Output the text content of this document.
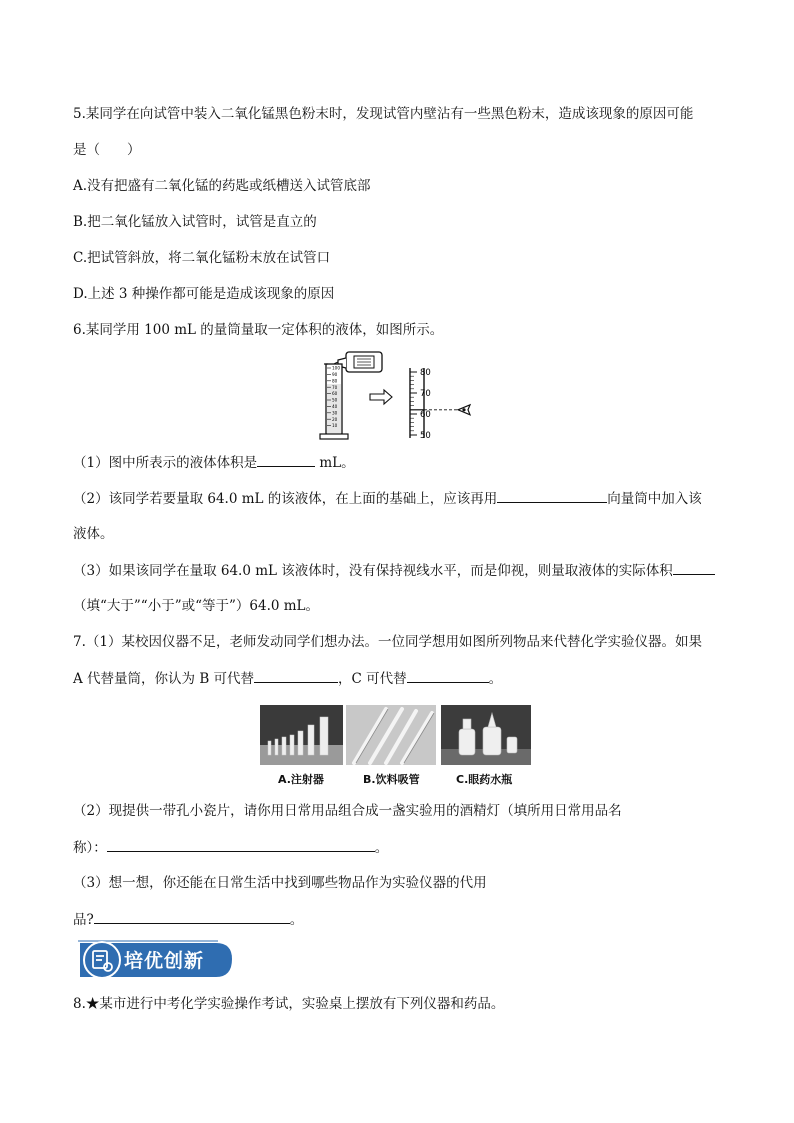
5.某同学在向试管中装入二氧化锰黑色粉末时，发现试管内壁沾有一些黑色粉末，造成该现象的原因可能
是（　　）
A.没有把盛有二氧化锰的药匙或纸槽送入试管底部
B.把二氧化锰放入试管时，试管是直立的
C.把试管斜放，将二氧化锰粉末放在试管口
D.上述 3 种操作都可能是造成该现象的原因
6.某同学用 100 mL 的量筒量取一定体积的液体，如图所示。
100
90
80
70
60
50
40
30
20
10
80
70
60
50
（1）图中所表示的液体体积是	mL。
（2）该同学若要量取 64.0 mL 的该液体，在上面的基础上，应该再用	向量筒中加入该
液体。
（3）如果该同学在量取 64.0 mL 该液体时，没有保持视线水平，而是仰视，则量取液体的实际体积
（填“大于”“小于”或“等于”）64.0 mL。
7.（1）某校因仪器不足，老师发动同学们想办法。一位同学想用如图所列物品来代替化学实验仪器。如果
A 代替量筒，你认为 B 可代替	，C 可代替	。
A.注射器	B.饮料吸管	C.眼药水瓶
（2）现提供一带孔小瓷片，请你用日常用品组合成一盏实验用的酒精灯（填所用日常用品名
称）：	。
（3）想一想，你还能在日常生活中找到哪些物品作为实验仪器的代用
品?	。
培优创新
8.★某市进行中考化学实验操作考试，实验桌上摆放有下列仪器和药品。
